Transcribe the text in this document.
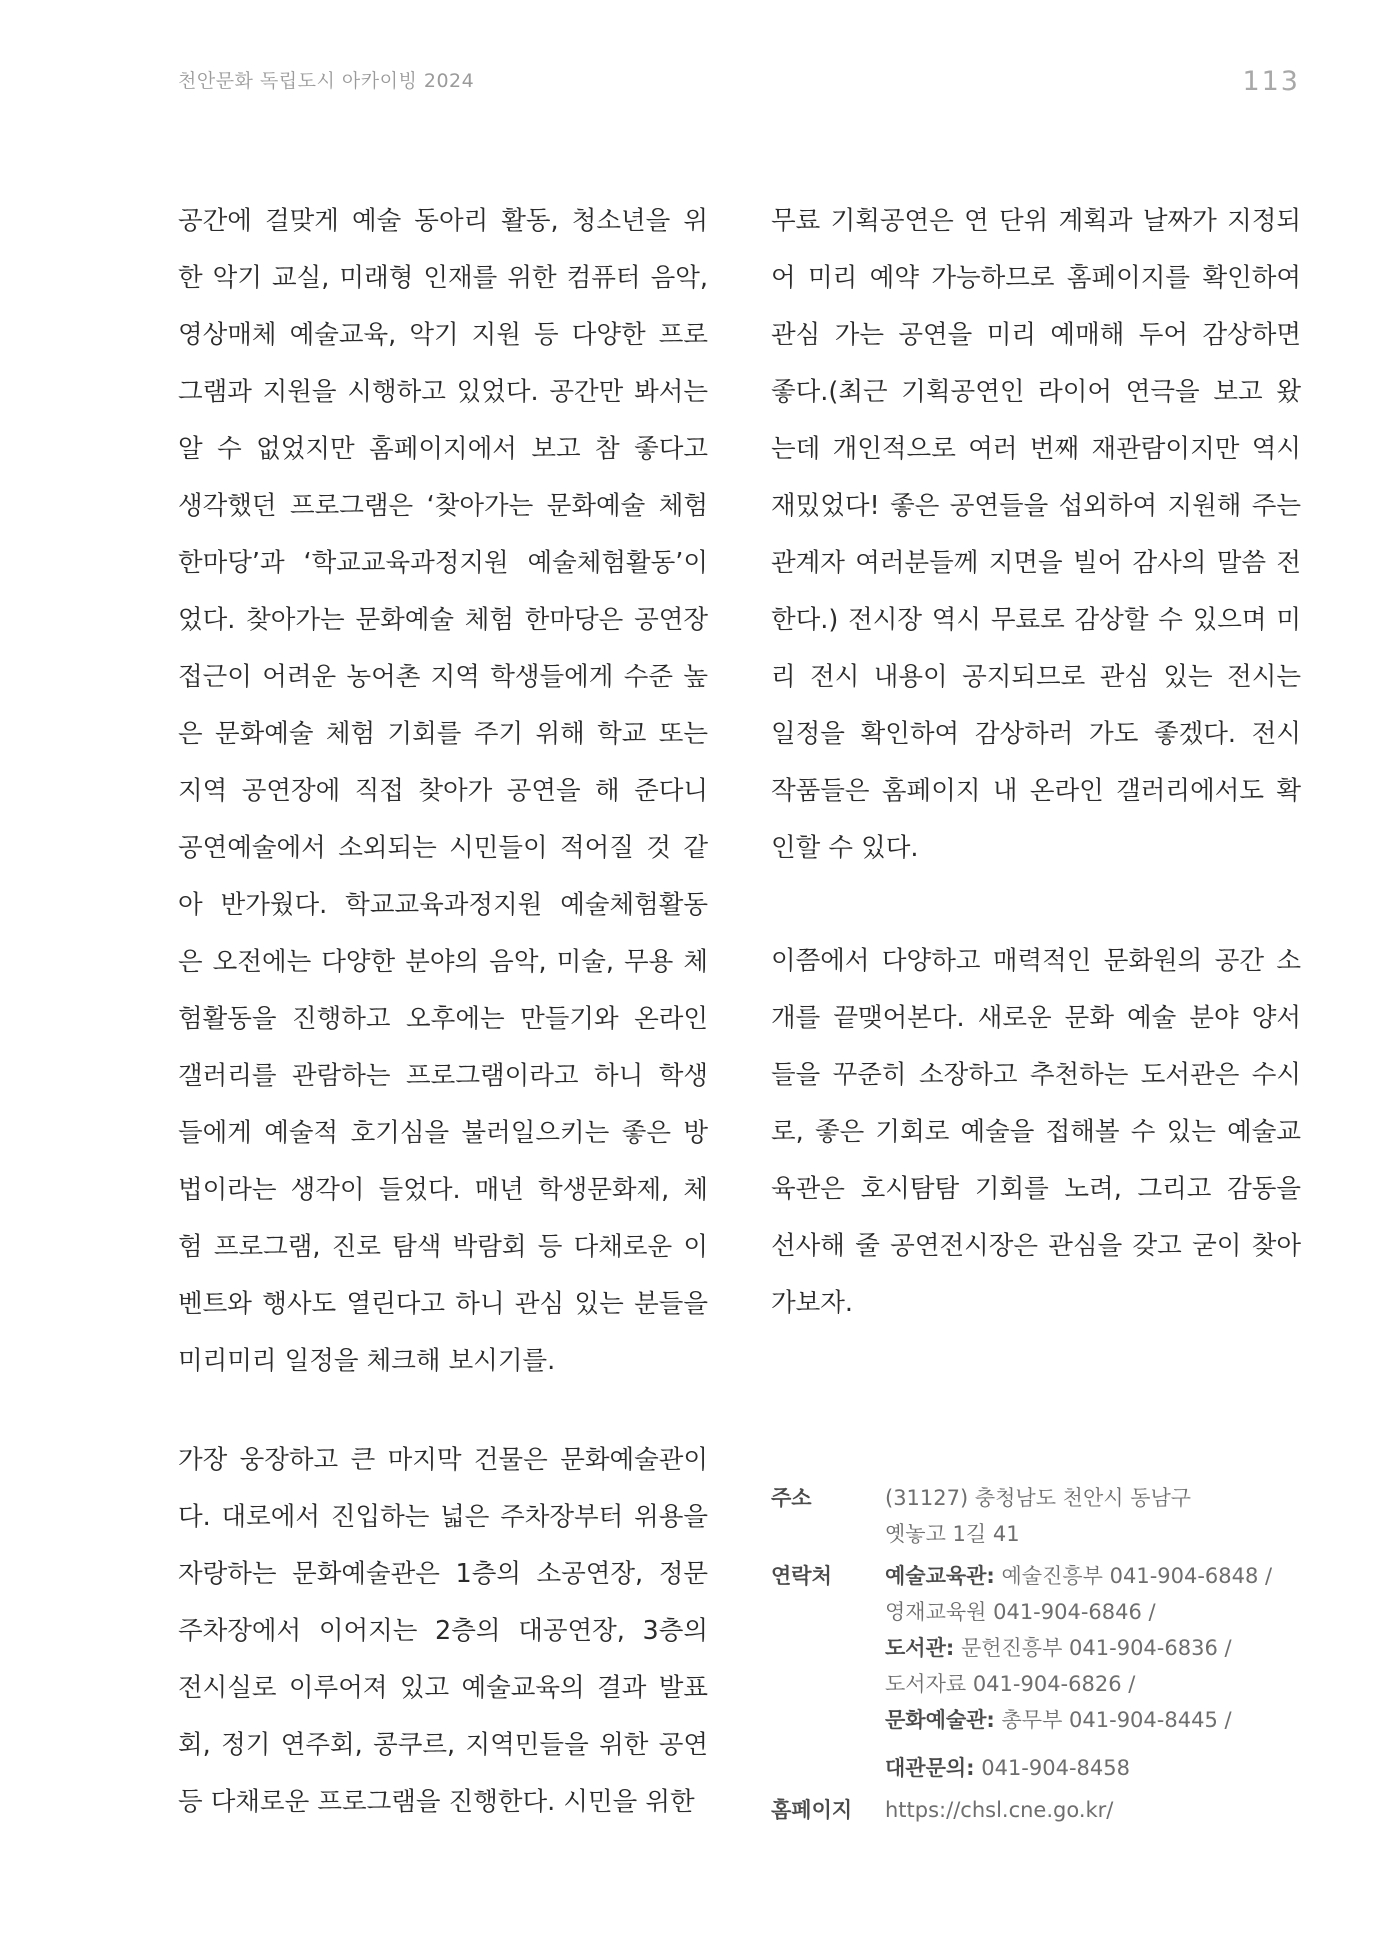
천안문화 독립도시 아카이빙 2024	113
공간에 걸맞게 예술 동아리 활동, 청소년을 위
한 악기 교실, 미래형 인재를 위한 컴퓨터 음악,
영상매체 예술교육, 악기 지원 등 다양한 프로
그램과 지원을 시행하고 있었다. 공간만 봐서는
알 수 없었지만 홈페이지에서 보고 참 좋다고
생각했던 프로그램은 ‘찾아가는 문화예술 체험
한마당’과 ‘학교교육과정지원 예술체험활동’이
었다. 찾아가는 문화예술 체험 한마당은 공연장
접근이 어려운 농어촌 지역 학생들에게 수준 높
은 문화예술 체험 기회를 주기 위해 학교 또는
지역 공연장에 직접 찾아가 공연을 해 준다니
공연예술에서 소외되는 시민들이 적어질 것 같
아 반가웠다. 학교교육과정지원 예술체험활동
은 오전에는 다양한 분야의 음악, 미술, 무용 체
험활동을 진행하고 오후에는 만들기와 온라인
갤러리를 관람하는 프로그램이라고 하니 학생
들에게 예술적 호기심을 불러일으키는 좋은 방
법이라는 생각이 들었다. 매년 학생문화제, 체
험 프로그램, 진로 탐색 박람회 등 다채로운 이
벤트와 행사도 열린다고 하니 관심 있는 분들을
미리미리 일정을 체크해 보시기를.
가장 웅장하고 큰 마지막 건물은 문화예술관이
다. 대로에서 진입하는 넓은 주차장부터 위용을
자랑하는 문화예술관은 1층의 소공연장, 정문
주차장에서 이어지는 2층의 대공연장, 3층의
전시실로 이루어져 있고 예술교육의 결과 발표
회, 정기 연주회, 콩쿠르, 지역민들을 위한 공연
등 다채로운 프로그램을 진행한다. 시민을 위한
무료 기획공연은 연 단위 계획과 날짜가 지정되
어 미리 예약 가능하므로 홈페이지를 확인하여
관심 가는 공연을 미리 예매해 두어 감상하면
좋다.(최근 기획공연인 라이어 연극을 보고 왔
는데 개인적으로 여러 번째 재관람이지만 역시
재밌었다! 좋은 공연들을 섭외하여 지원해 주는
관계자 여러분들께 지면을 빌어 감사의 말씀 전
한다.) 전시장 역시 무료로 감상할 수 있으며 미
리 전시 내용이 공지되므로 관심 있는 전시는
일정을 확인하여 감상하러 가도 좋겠다. 전시
작품들은 홈페이지 내 온라인 갤러리에서도 확
인할 수 있다.
이쯤에서 다양하고 매력적인 문화원의 공간 소
개를 끝맺어본다. 새로운 문화 예술 분야 양서
들을 꾸준히 소장하고 추천하는 도서관은 수시
로, 좋은 기회로 예술을 접해볼 수 있는 예술교
육관은 호시탐탐 기회를 노려, 그리고 감동을
선사해 줄 공연전시장은 관심을 갖고 굳이 찾아
가보자.
주소	(31127) 충청남도 천안시 동남구
옛놓고 1길 41
연락처	예술교육관: 예술진흥부 041-904-6848 /
영재교육원 041-904-6846 /
도서관: 문헌진흥부 041-904-6836 /
도서자료 041-904-6826 /
문화예술관: 총무부 041-904-8445 /
대관문의: 041-904-8458
홈페이지	https://chsl.cne.go.kr/
